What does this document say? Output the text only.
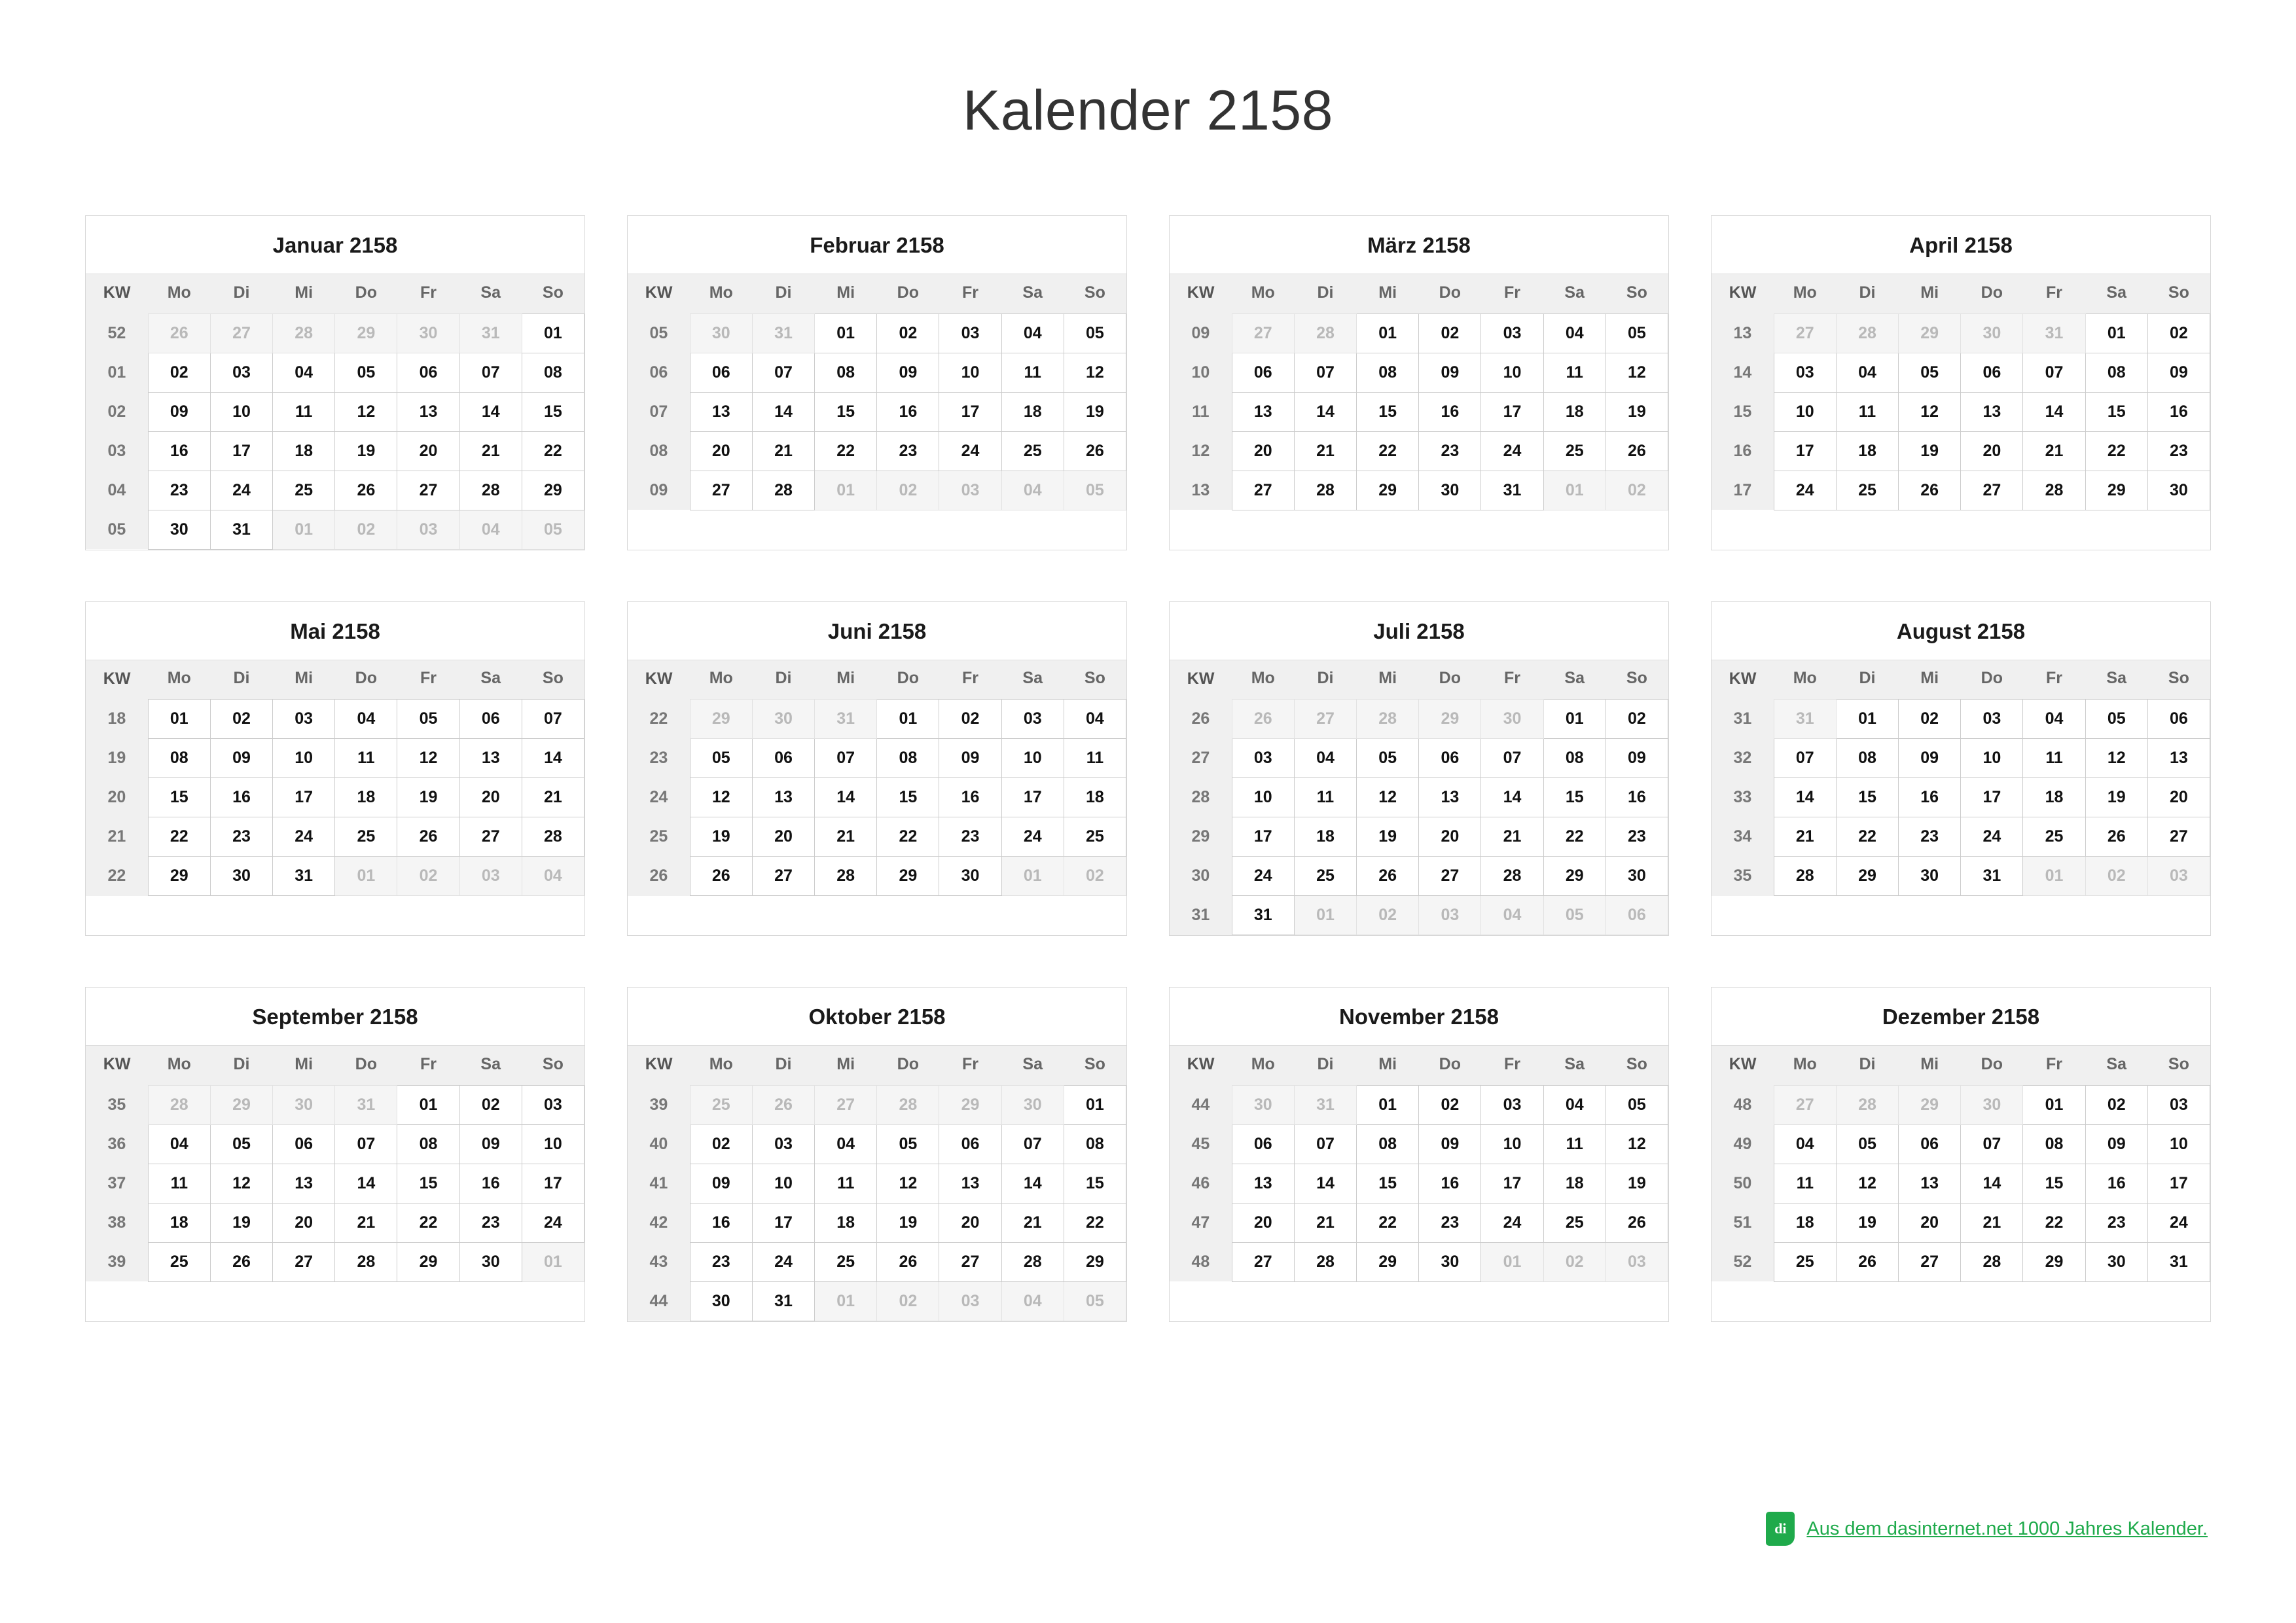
Kalender 2158
Januar 2158
KW	Mo	Di	Mi	Do	Fr	Sa	So
52	26	27	28	29	30	31	01
01	02	03	04	05	06	07	08
02	09	10	11	12	13	14	15
03	16	17	18	19	20	21	22
04	23	24	25	26	27	28	29
05	30	31	01	02	03	04	05
Februar 2158
KW	Mo	Di	Mi	Do	Fr	Sa	So
05	30	31	01	02	03	04	05
06	06	07	08	09	10	11	12
07	13	14	15	16	17	18	19
08	20	21	22	23	24	25	26
09	27	28	01	02	03	04	05
März 2158
KW	Mo	Di	Mi	Do	Fr	Sa	So
09	27	28	01	02	03	04	05
10	06	07	08	09	10	11	12
11	13	14	15	16	17	18	19
12	20	21	22	23	24	25	26
13	27	28	29	30	31	01	02
April 2158
KW	Mo	Di	Mi	Do	Fr	Sa	So
13	27	28	29	30	31	01	02
14	03	04	05	06	07	08	09
15	10	11	12	13	14	15	16
16	17	18	19	20	21	22	23
17	24	25	26	27	28	29	30
Mai 2158
KW	Mo	Di	Mi	Do	Fr	Sa	So
18	01	02	03	04	05	06	07
19	08	09	10	11	12	13	14
20	15	16	17	18	19	20	21
21	22	23	24	25	26	27	28
22	29	30	31	01	02	03	04
Juni 2158
KW	Mo	Di	Mi	Do	Fr	Sa	So
22	29	30	31	01	02	03	04
23	05	06	07	08	09	10	11
24	12	13	14	15	16	17	18
25	19	20	21	22	23	24	25
26	26	27	28	29	30	01	02
Juli 2158
KW	Mo	Di	Mi	Do	Fr	Sa	So
26	26	27	28	29	30	01	02
27	03	04	05	06	07	08	09
28	10	11	12	13	14	15	16
29	17	18	19	20	21	22	23
30	24	25	26	27	28	29	30
31	31	01	02	03	04	05	06
August 2158
KW	Mo	Di	Mi	Do	Fr	Sa	So
31	31	01	02	03	04	05	06
32	07	08	09	10	11	12	13
33	14	15	16	17	18	19	20
34	21	22	23	24	25	26	27
35	28	29	30	31	01	02	03
September 2158
KW	Mo	Di	Mi	Do	Fr	Sa	So
35	28	29	30	31	01	02	03
36	04	05	06	07	08	09	10
37	11	12	13	14	15	16	17
38	18	19	20	21	22	23	24
39	25	26	27	28	29	30	01
Oktober 2158
KW	Mo	Di	Mi	Do	Fr	Sa	So
39	25	26	27	28	29	30	01
40	02	03	04	05	06	07	08
41	09	10	11	12	13	14	15
42	16	17	18	19	20	21	22
43	23	24	25	26	27	28	29
44	30	31	01	02	03	04	05
November 2158
KW	Mo	Di	Mi	Do	Fr	Sa	So
44	30	31	01	02	03	04	05
45	06	07	08	09	10	11	12
46	13	14	15	16	17	18	19
47	20	21	22	23	24	25	26
48	27	28	29	30	01	02	03
Dezember 2158
KW	Mo	Di	Mi	Do	Fr	Sa	So
48	27	28	29	30	01	02	03
49	04	05	06	07	08	09	10
50	11	12	13	14	15	16	17
51	18	19	20	21	22	23	24
52	25	26	27	28	29	30	31
di	Aus dem dasinternet.net 1000 Jahres Kalender.
